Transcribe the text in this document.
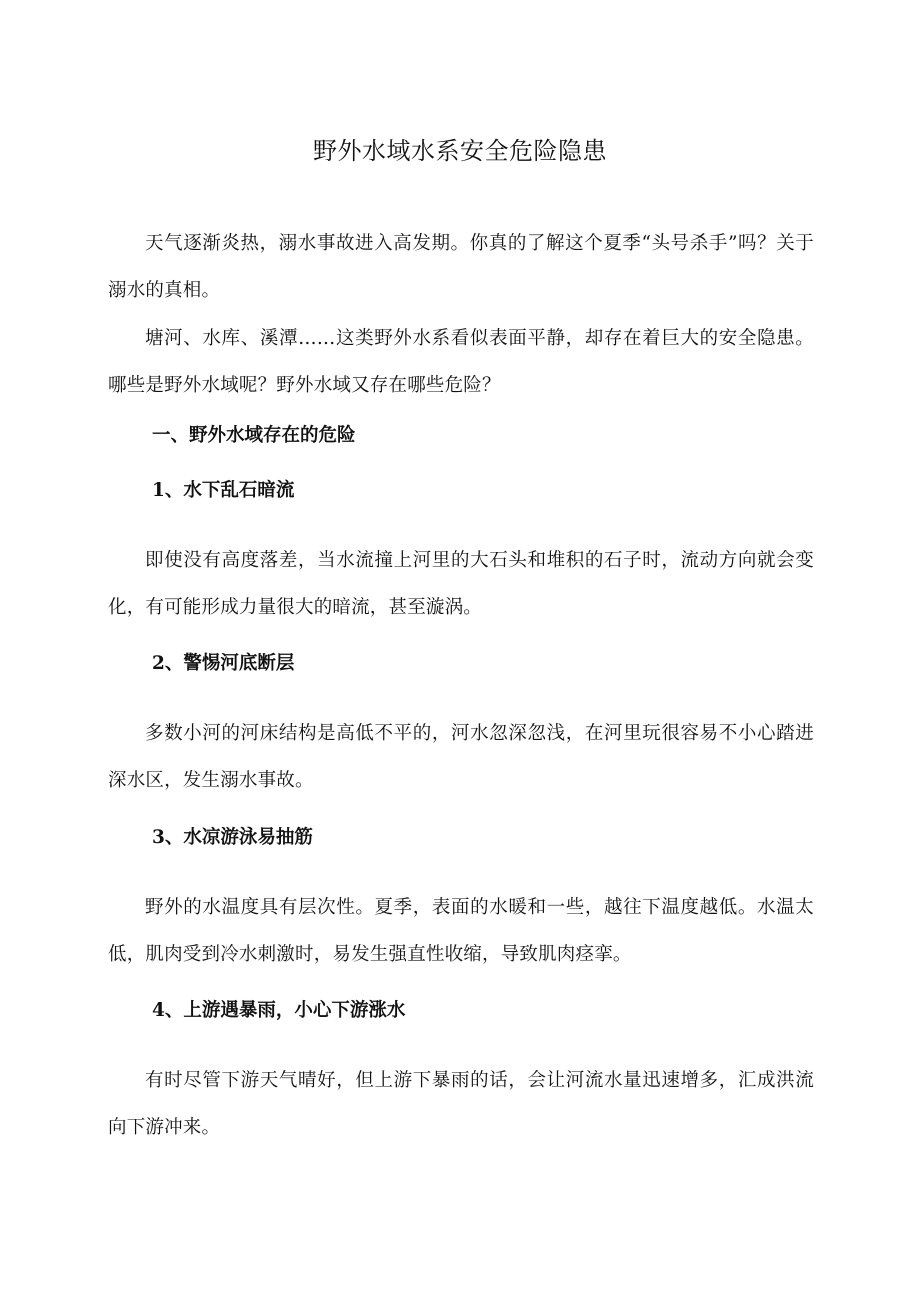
野外水域水系安全危险隐患
天气逐渐炎热，溺水事故进入高发期。你真的了解这个夏季“头号杀手”吗？关于溺水的真相。
塘河、水库、溪潭……这类野外水系看似表面平静，却存在着巨大的安全隐患。哪些是野外水域呢？野外水域又存在哪些危险？
一、野外水域存在的危险
1、水下乱石暗流
即使没有高度落差，当水流撞上河里的大石头和堆积的石子时，流动方向就会变化，有可能形成力量很大的暗流，甚至漩涡。
2、警惕河底断层
多数小河的河床结构是高低不平的，河水忽深忽浅，在河里玩很容易不小心踏进深水区，发生溺水事故。
3、水凉游泳易抽筋
野外的水温度具有层次性。夏季，表面的水暖和一些，越往下温度越低。水温太低，肌肉受到冷水刺激时，易发生强直性收缩，导致肌肉痉挛。
4、上游遇暴雨，小心下游涨水
有时尽管下游天气晴好，但上游下暴雨的话，会让河流水量迅速增多，汇成洪流向下游冲来。
